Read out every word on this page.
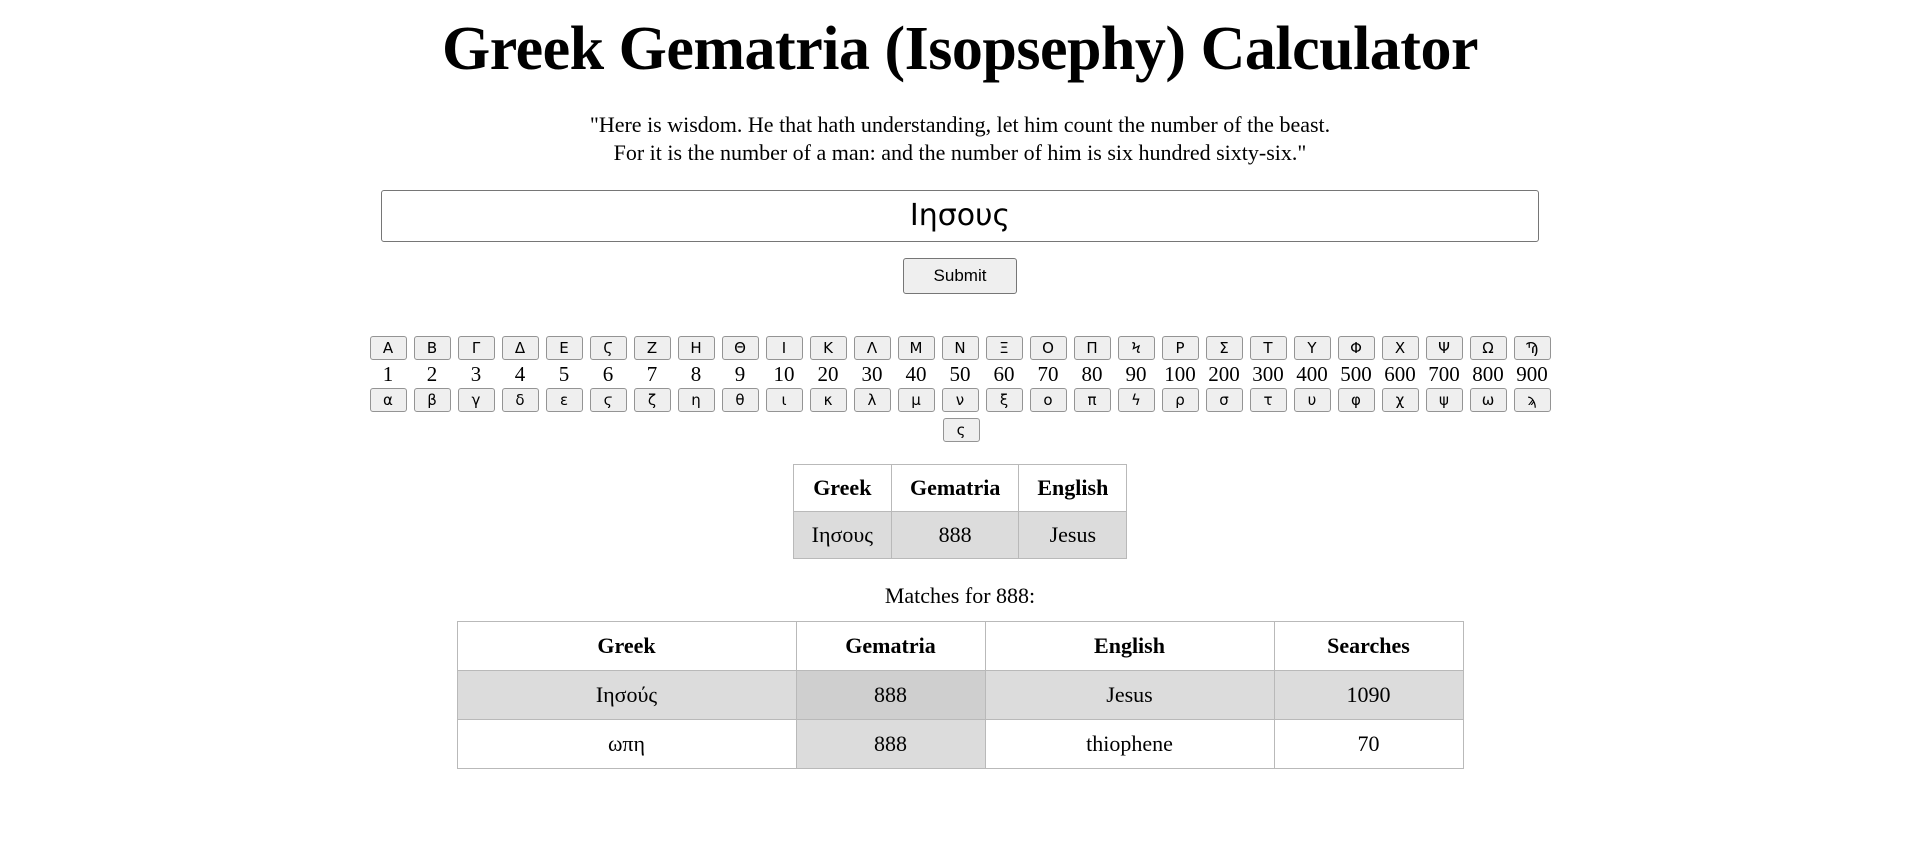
Greek Gematria (Isopsephy) Calculator
"Here is wisdom. He that hath understanding, let him count the number of the beast.
For it is the number of a man: and the number of him is six hundred sixty-six."
Ιησους
Submit
Α	Β	Γ	Δ	Ε	Ϛ	Ζ	Η	Θ	Ι	Κ	Λ	Μ	Ν	Ξ	Ο	Π	Ϟ	Ρ	Σ	Τ	Υ	Φ	Χ	Ψ	Ω	Ϡ
1	2	3	4	5	6	7	8	9	10	20	30	40	50	60	70	80	90 100 200 300 400 500 600 700 800 900
α	β	γ	δ	ε	ϛ	ζ	η	θ	ι	κ	λ	μ	ν	ξ	ο	π	ϟ	ρ	σ	τ	υ	φ	χ	ψ	ω	ϡ
ς
Greek	Gematria	English
Ιησους	888	Jesus
Matches for 888:
Greek	Gematria	English	Searches
Ιησούς	888	Jesus	1090
ωπη	888	thiophene	70
